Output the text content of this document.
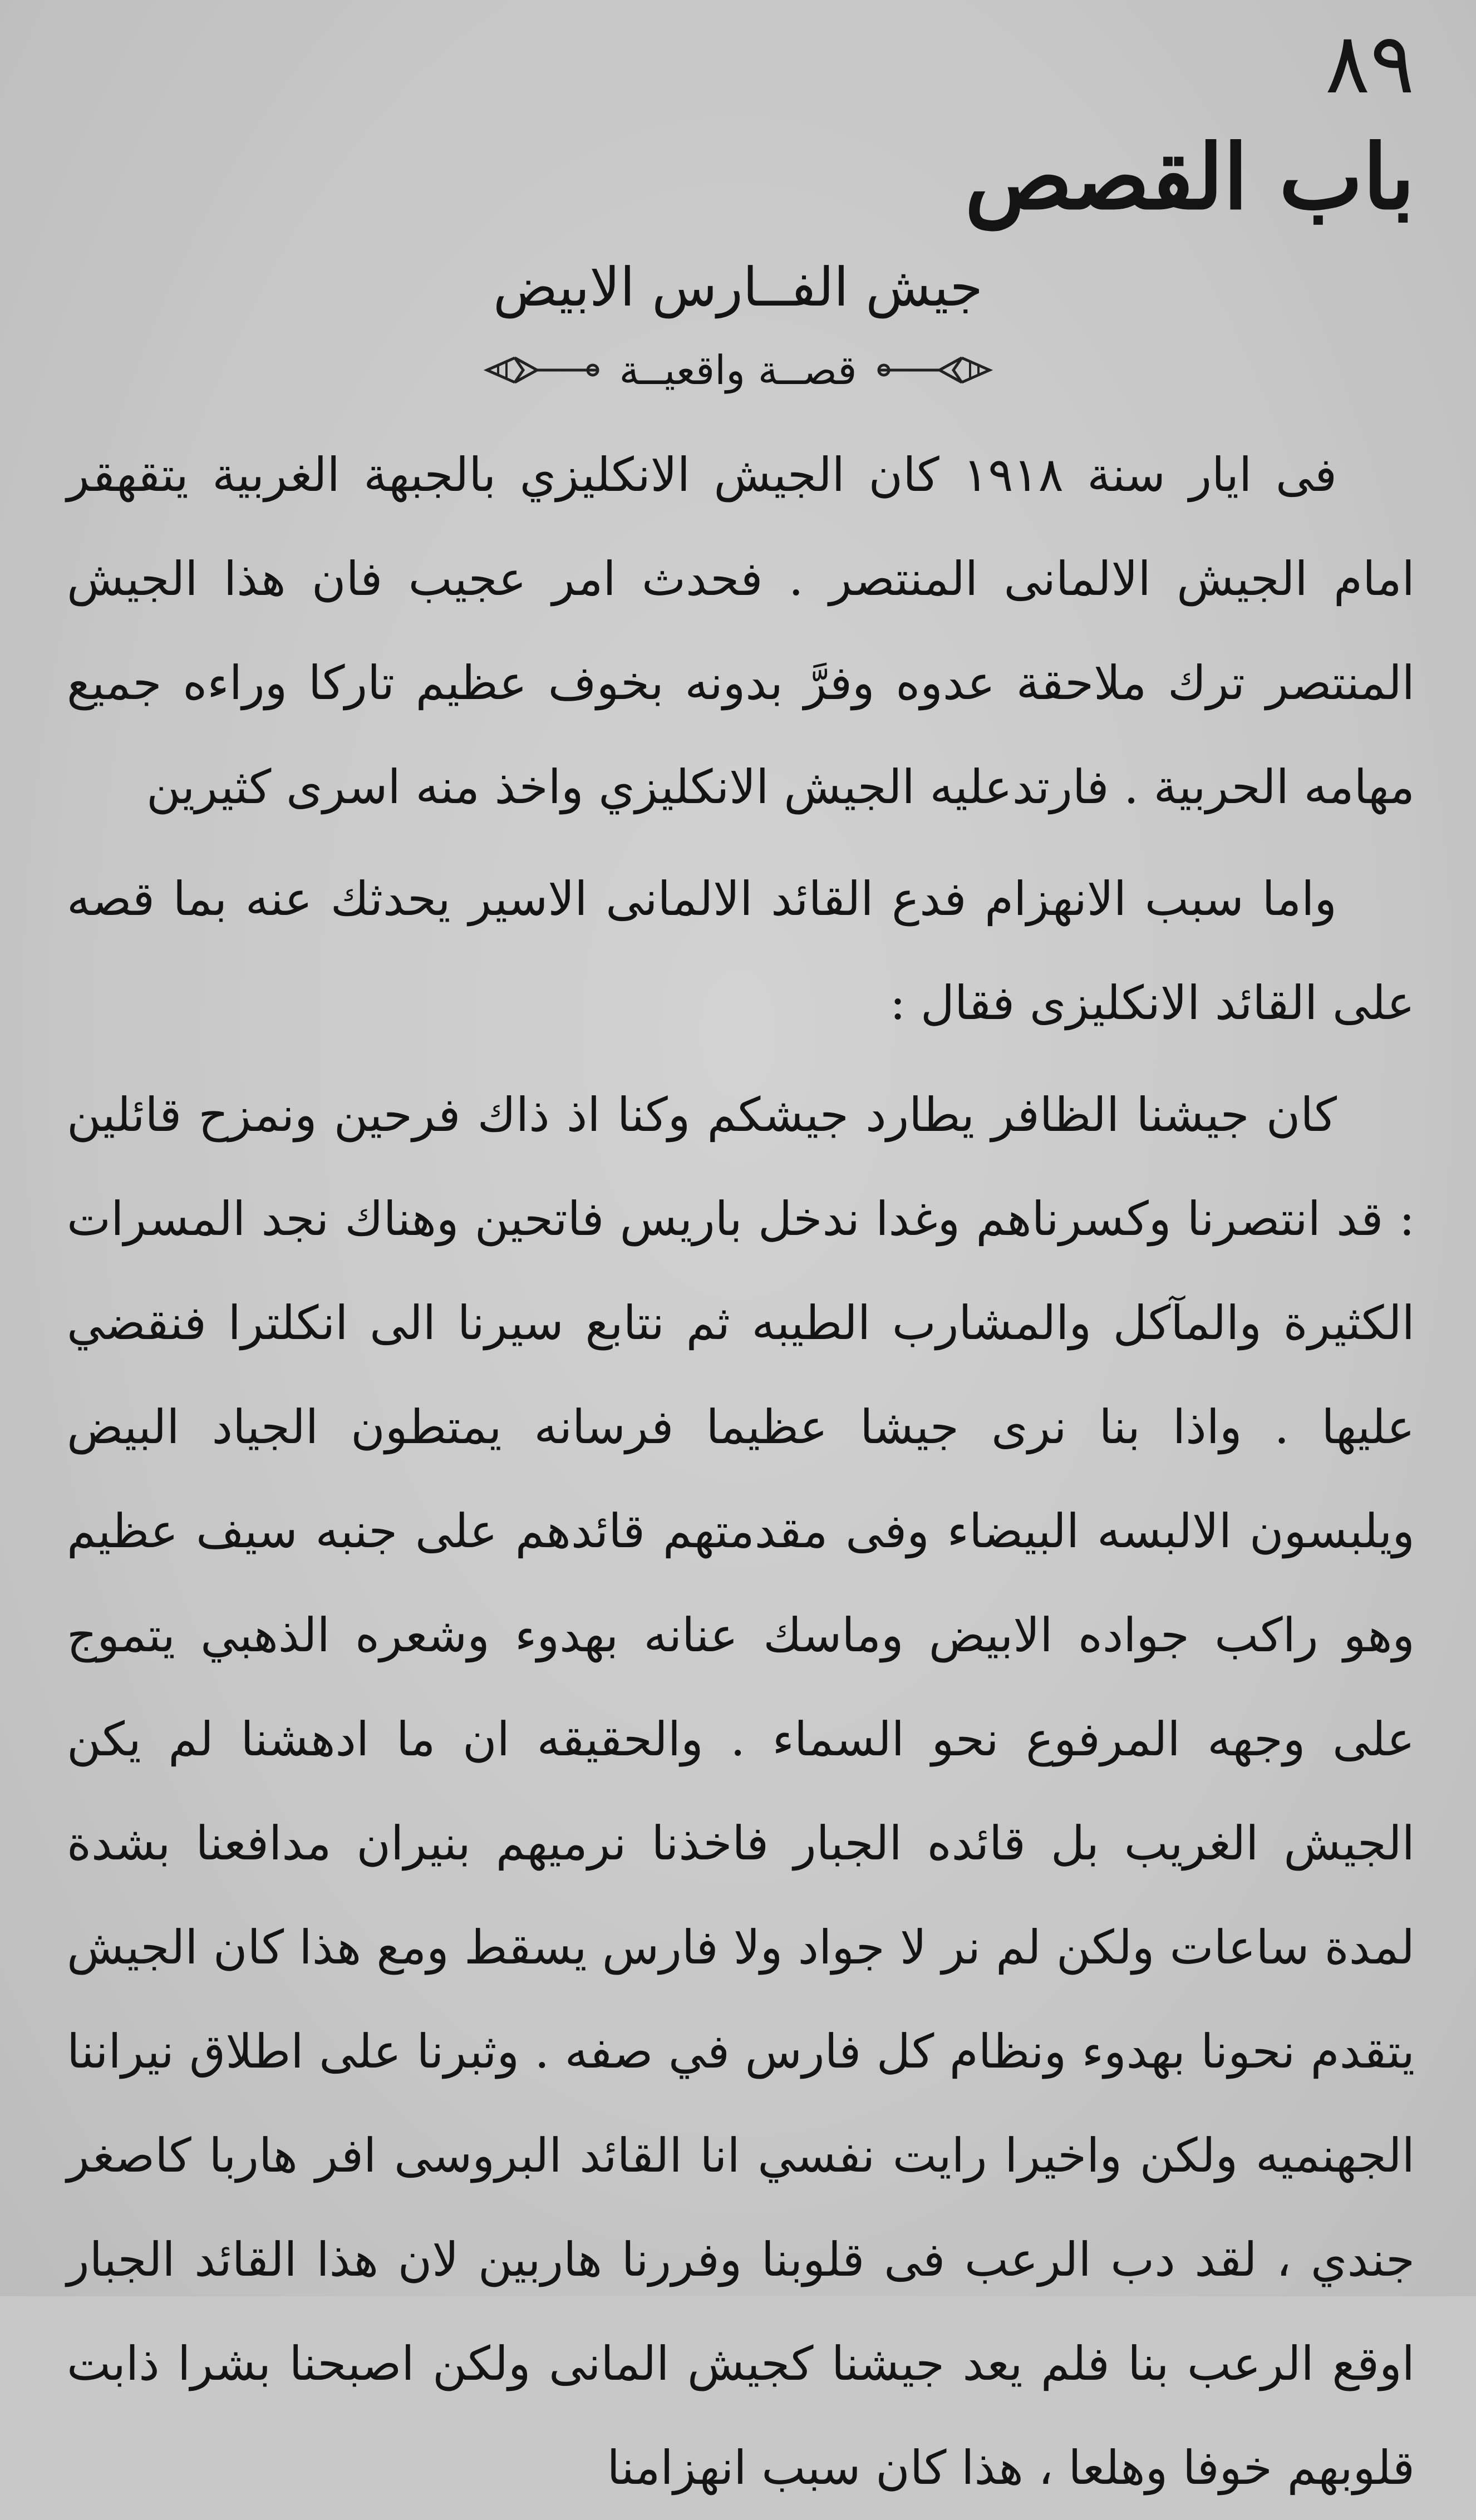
٨٩
باب القصص
جيش الفــارس الابيض
قصــة واقعيــة

فى ايار سنة ١٩١٨ كان الجيش الانكليزي بالجبهة الغربية يتقهقر امام الجيش الالمانى المنتصر . فحدث امر عجيب فان هذا الجيش المنتصر ترك ملاحقة عدوه وفرَّ بدونه بخوف عظيم تاركا وراءه جميع مهامه الحربية . فارتدعليه الجيش الانكليزي واخذ منه اسرى كثيرين

واما سبب الانهزام فدع القائد الالمانى الاسير يحدثك عنه بما قصه على القائد الانكليزى فقال :

كان جيشنا الظافر يطارد جيشكم وكنا اذ ذاك فرحين ونمزح قائلين : قد انتصرنا وكسرناهم وغدا ندخل باريس فاتحين وهناك نجد المسرات الكثيرة والمآكل والمشارب الطيبه ثم نتابع سيرنا الى انكلترا فنقضي عليها . واذا بنا نرى جيشا عظيما فرسانه يمتطون الجياد البيض ويلبسون الالبسه البيضاء وفى مقدمتهم قائدهم على جنبه سيف عظيم وهو راكب جواده الابيض وماسك عنانه بهدوء وشعره الذهبي يتموج على وجهه المرفوع نحو السماء . والحقيقه ان ما ادهشنا لم يكن الجيش الغريب بل قائده الجبار فاخذنا نرميهم بنيران مدافعنا بشدة لمدة ساعات ولكن لم نر لا جواد ولا فارس يسقط ومع هذا كان الجيش يتقدم نحونا بهدوء ونظام كل فارس في صفه . وثبرنا على اطلاق نيراننا الجهنميه ولكن واخيرا رايت نفسي انا القائد البروسى افر هاربا كاصغر جندي ، لقد دب الرعب فى قلوبنا وفررنا هاربين لان هذا القائد الجبار اوقع الرعب بنا فلم يعد جيشنا كجيش المانى ولكن اصبحنا بشرا ذابت قلوبهم خوفا وهلعا ، هذا كان سبب انهزامنا
